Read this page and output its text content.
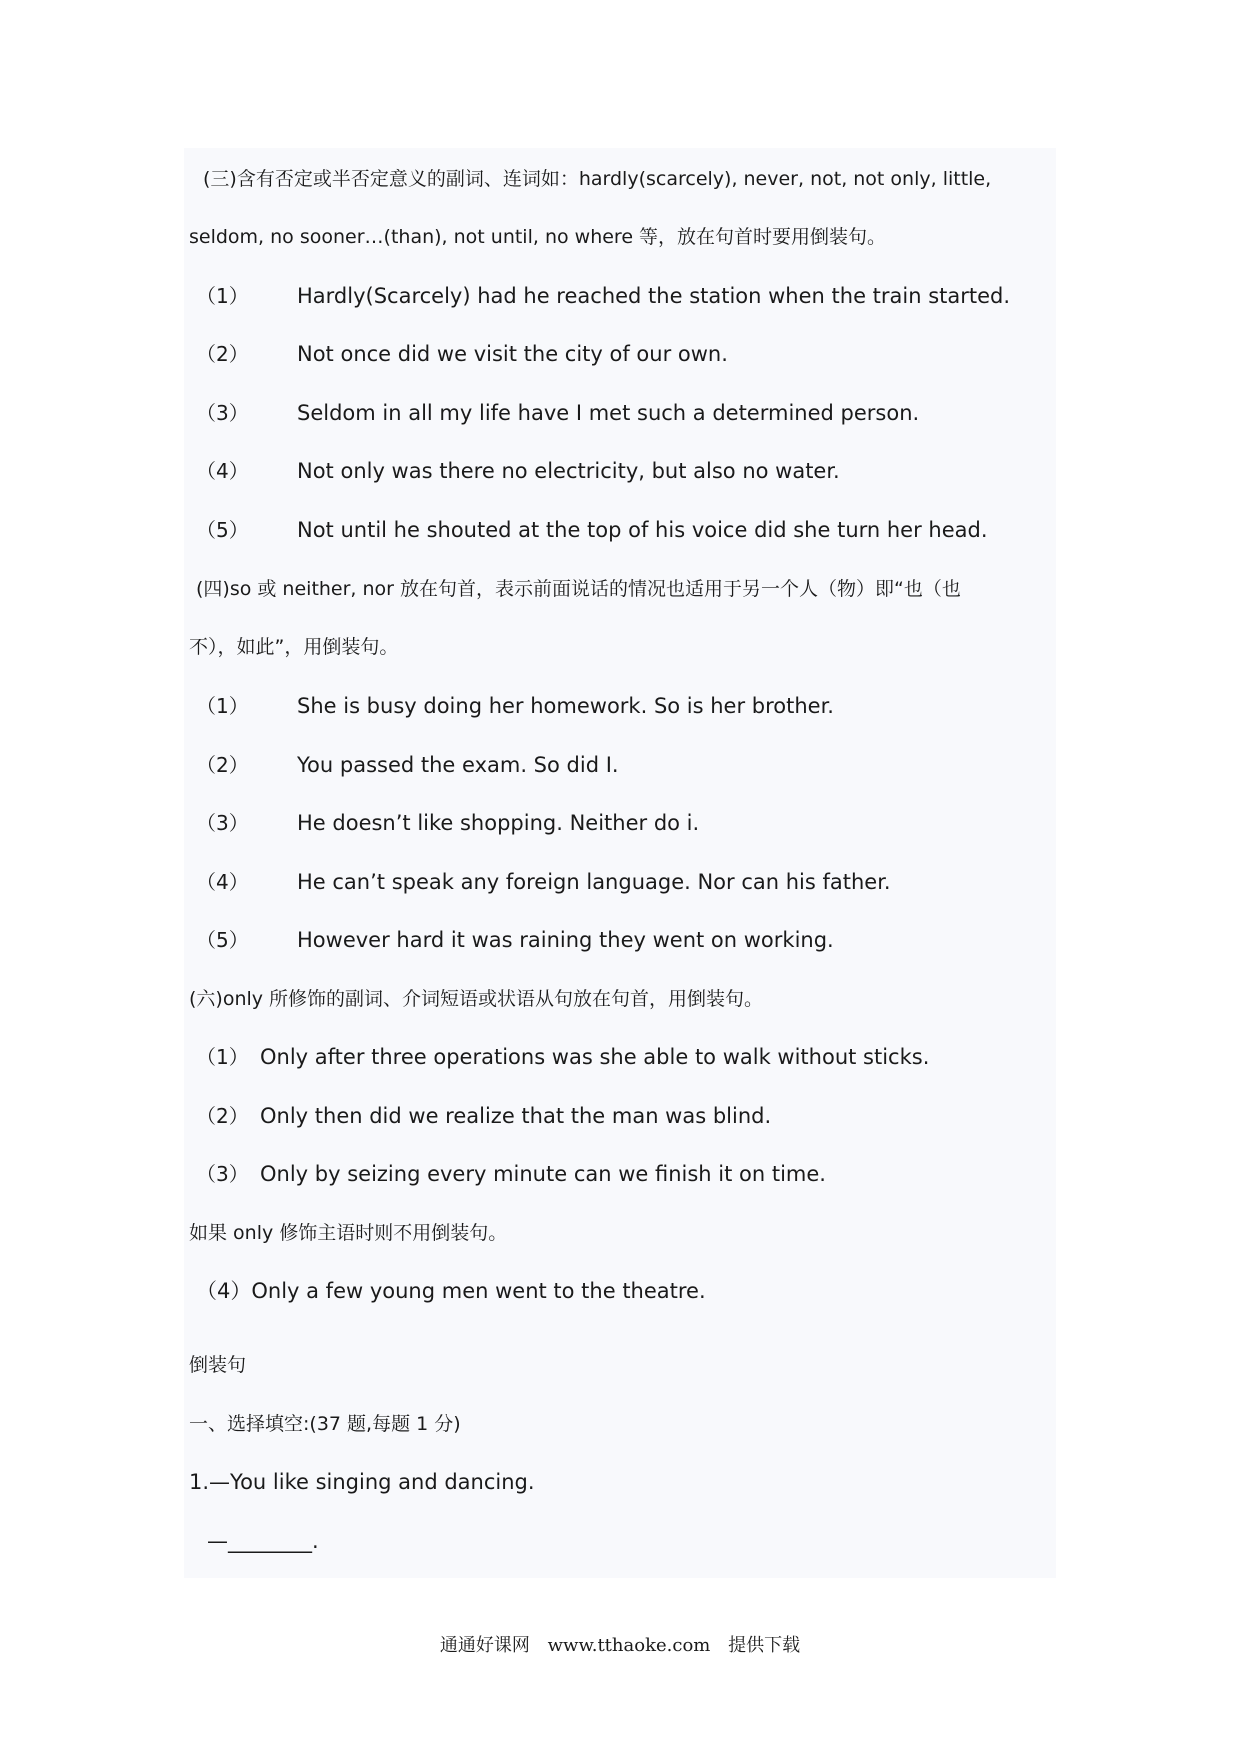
(三)含有否定或半否定意义的副词、连词如：hardly(scarcely), never, not, not only, little,

seldom, no sooner…(than), not until, no where 等，放在句首时要用倒装句。

（1） Hardly(Scarcely) had he reached the station when the train started.
（2） Not once did we visit the city of our own.
（3） Seldom in all my life have I met such a determined person.
（4） Not only was there no electricity, but also no water.
（5） Not until he shouted at the top of his voice did she turn her head.

(四)so 或 neither, nor 放在句首，表示前面说话的情况也适用于另一个人（物）即“也（也

不），如此”，用倒装句。

（1） She is busy doing her homework. So is her brother.
（2） You passed the exam. So did I.
（3） He doesn’t like shopping. Neither do i.
（4） He can’t speak any foreign language. Nor can his father.
（5） However hard it was raining they went on working.

(六)only 所修饰的副词、介词短语或状语从句放在句首，用倒装句。

（1） Only after three operations was she able to walk without sticks.
（2） Only then did we realize that the man was blind.
（3） Only by seizing every minute can we finish it on time.

如果 only 修饰主语时则不用倒装句。

（4）Only a few young men went to the theatre.

倒装句

一、选择填空:(37 题,每题 1 分)

1.—You like singing and dancing.

—________.

通通好课网 www.tthaoke.com 提供下载
